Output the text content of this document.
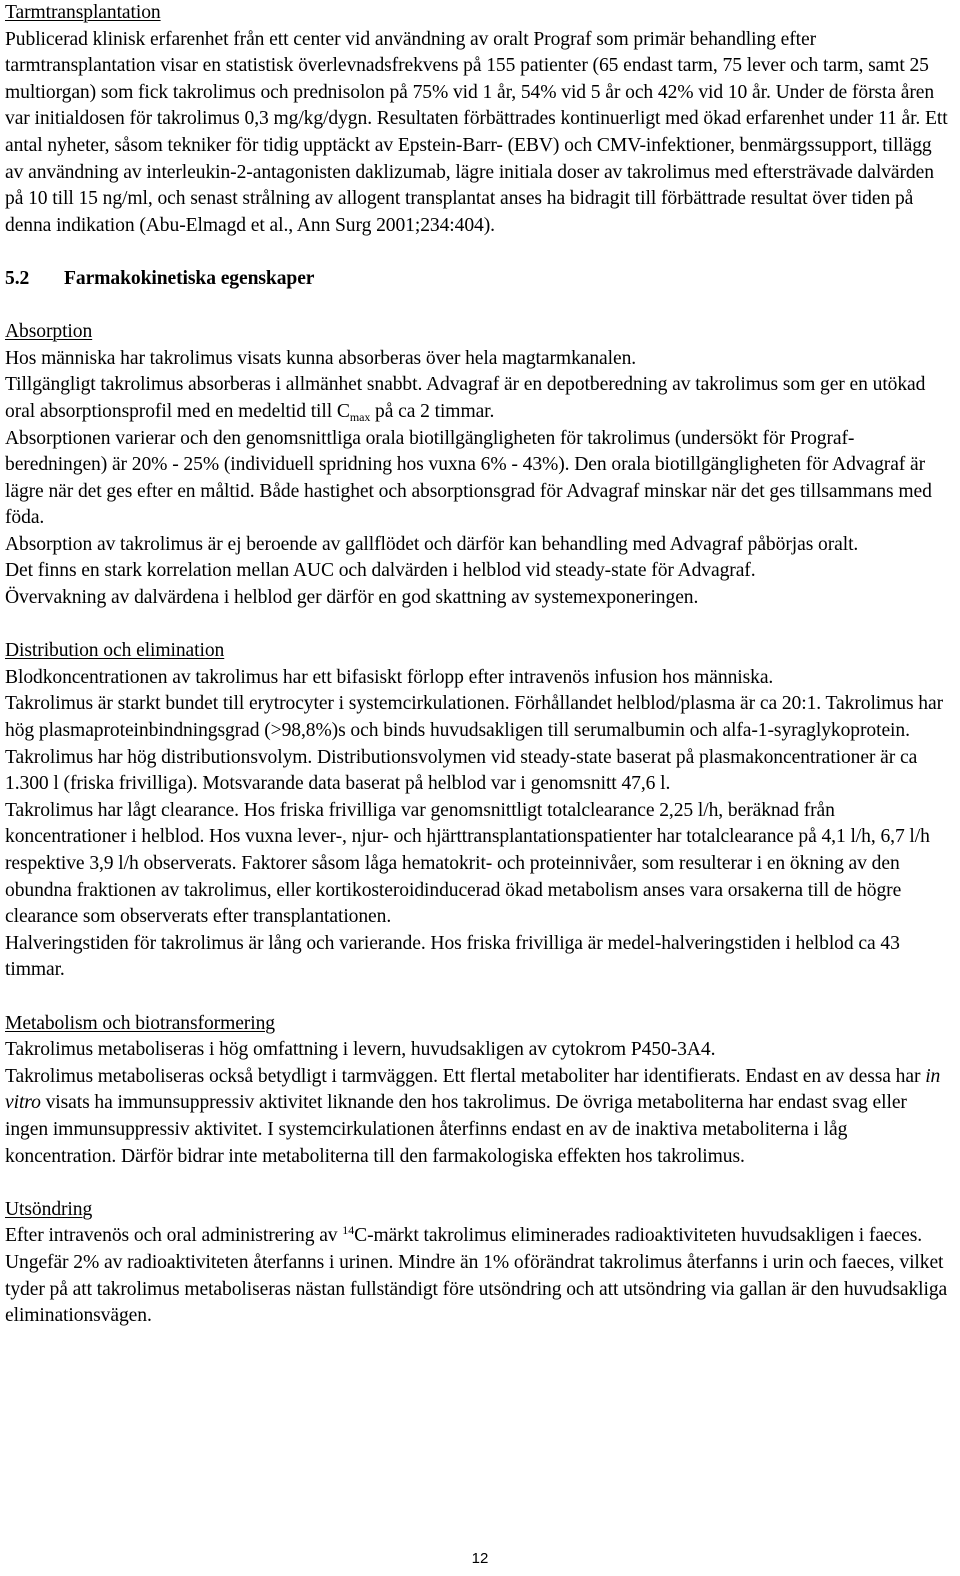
Tarmtransplantation

Publicerad klinisk erfarenhet från ett center vid användning av oralt Prograf som primär behandling efter tarmtransplantation visar en statistisk överlevnadsfrekvens på 155 patienter (65 endast tarm, 75 lever och tarm, samt 25 multiorgan) som fick takrolimus och prednisolon på 75% vid 1 år, 54% vid 5 år och 42% vid 10 år. Under de första åren var initialdosen för takrolimus 0,3 mg/kg/dygn. Resultaten förbättrades kontinuerligt med ökad erfarenhet under 11 år. Ett antal nyheter, såsom tekniker för tidig upptäckt av Epstein-Barr- (EBV) och CMV-infektioner, benmärgssupport, tillägg av användning av interleukin-2-antagonisten daklizumab, lägre initiala doser av takrolimus med eftersträvade dalvärden på 10 till 15 ng/ml, och senast strålning av allogent transplantat anses ha bidragit till förbättrade resultat över tiden på denna indikation (Abu-Elmagd et al., Ann Surg 2001;234:404).

5.2 Farmakokinetiska egenskaper

Absorption

Hos människa har takrolimus visats kunna absorberas över hela magtarmkanalen.

Tillgängligt takrolimus absorberas i allmänhet snabbt. Advagraf är en depotberedning av takrolimus som ger en utökad oral absorptionsprofil med en medeltid till $C_{max}$ på ca 2 timmar.

Absorptionen varierar och den genomsnittliga orala biotillgängligheten för takrolimus (undersökt för Prograf-beredningen) är 20% - 25% (individuell spridning hos vuxna 6% - 43%). Den orala biotillgängligheten för Advagraf är lägre när det ges efter en måltid. Både hastighet och absorptionsgrad för Advagraf minskar när det ges tillsammans med föda.

Absorption av takrolimus är ej beroende av gallflödet och därför kan behandling med Advagraf påbörjas oralt.

Det finns en stark korrelation mellan AUC och dalvärden i helblod vid steady-state för Advagraf.

Övervakning av dalvärdena i helblod ger därför en god skattning av systemexponeringen.

Distribution och elimination

Blodkoncentrationen av takrolimus har ett bifasiskt förlopp efter intravenös infusion hos människa.

Takrolimus är starkt bundet till erytrocyter i systemcirkulationen. Förhållandet helblod/plasma är ca 20:1. Takrolimus har hög plasmaproteinbindningsgrad (>98,8%)s och binds huvudsakligen till serumalbumin och alfa-1-syraglykoprotein.

Takrolimus har hög distributionsvolym. Distributionsvolymen vid steady-state baserat på plasmakoncentrationer är ca 1.300 l (friska frivilliga). Motsvarande data baserat på helblod var i genomsnitt 47,6 l.

Takrolimus har lågt clearance. Hos friska frivilliga var genomsnittligt totalclearance 2,25 l/h, beräknad från koncentrationer i helblod. Hos vuxna lever-, njur- och hjärttransplantationspatienter har totalclearance på 4,1 l/h, 6,7 l/h respektive 3,9 l/h observerats. Faktorer såsom låga hematokrit- och proteinnivåer, som resulterar i en ökning av den obundna fraktionen av takrolimus, eller kortikosteroidinducerad ökad metabolism anses vara orsakerna till de högre clearance som observerats efter transplantationen.

Halveringstiden för takrolimus är lång och varierande. Hos friska frivilliga är medel-halveringstiden i helblod ca 43 timmar.

Metabolism och biotransformering

Takrolimus metaboliseras i hög omfattning i levern, huvudsakligen av cytokrom P450-3A4.

Takrolimus metaboliseras också betydligt i tarmväggen. Ett flertal metaboliter har identifierats. Endast en av dessa har in vitro visats ha immunsuppressiv aktivitet liknande den hos takrolimus. De övriga metaboliterna har endast svag eller ingen immunsuppressiv aktivitet. I systemcirkulationen återfinns endast en av de inaktiva metaboliterna i låg koncentration. Därför bidrar inte metaboliterna till den farmakologiska effekten hos takrolimus.

Utsöndring

Efter intravenös och oral administrering av $^{14}$C-märkt takrolimus eliminerades radioaktiviteten huvudsakligen i faeces. Ungefär 2% av radioaktiviteten återfanns i urinen. Mindre än 1% oförändrat takrolimus återfanns i urin och faeces, vilket tyder på att takrolimus metaboliseras nästan fullständigt före utsöndring och att utsöndring via gallan är den huvudsakliga eliminationsvägen.

12
